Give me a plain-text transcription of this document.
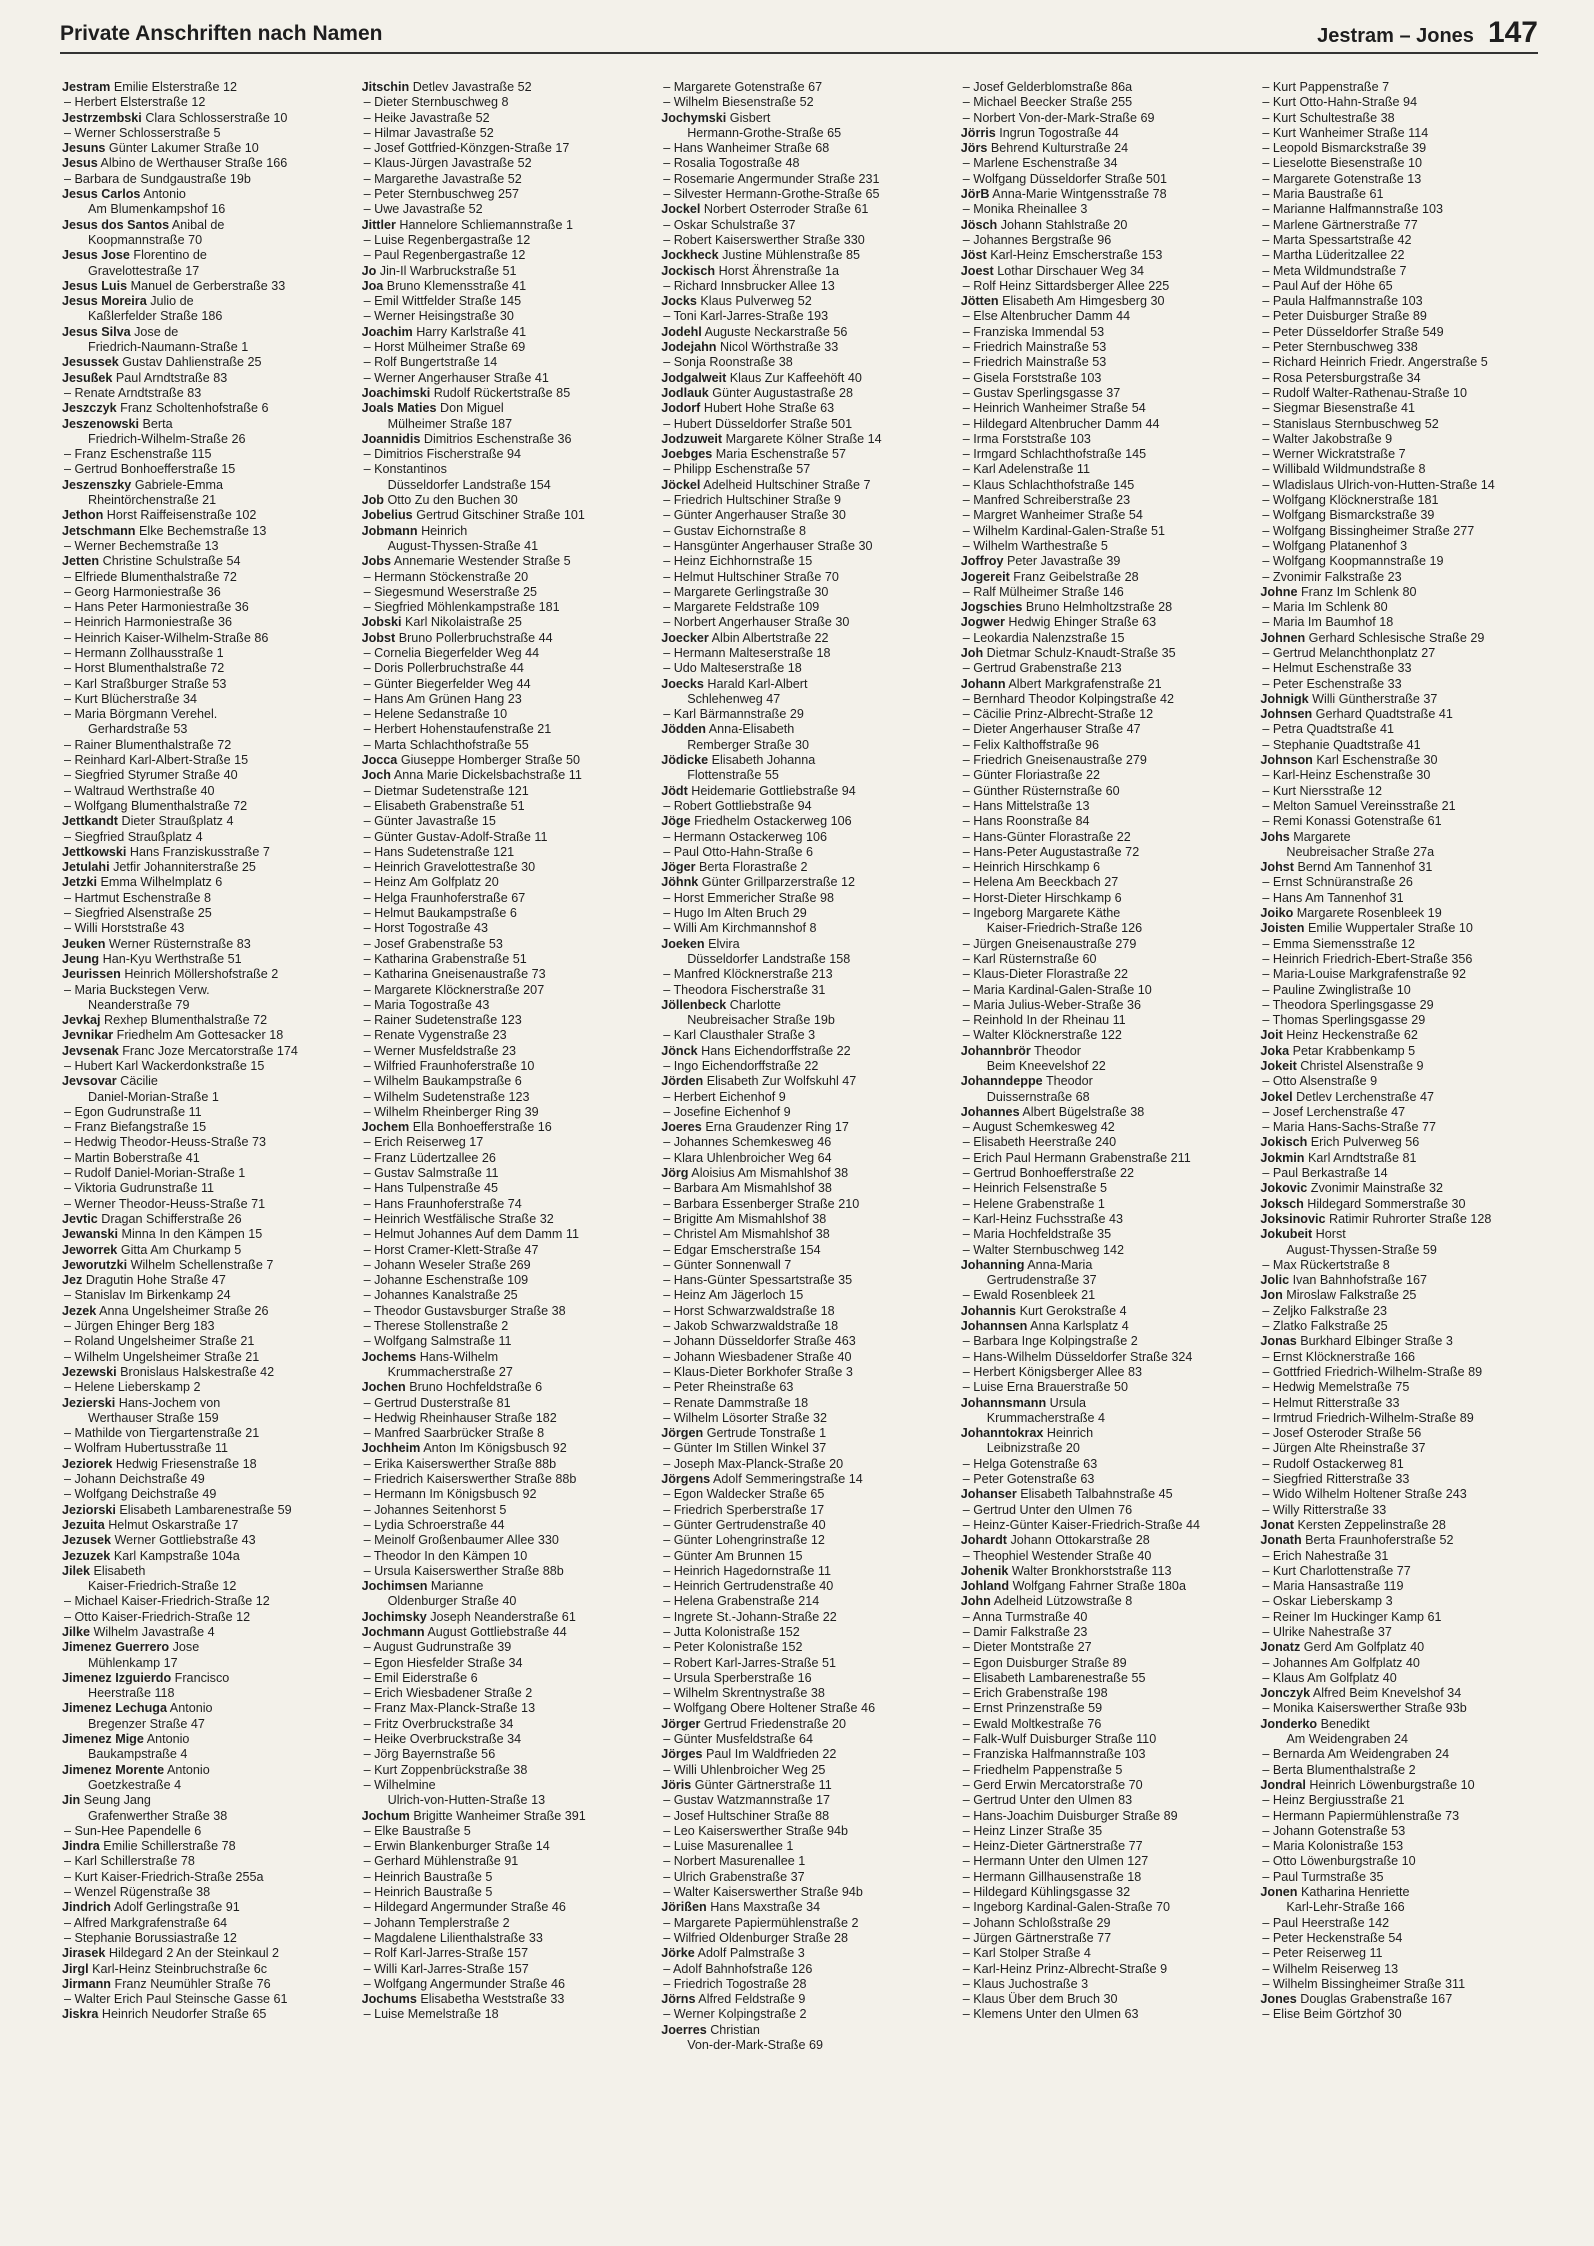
Private Anschriften nach Namen	Jestram – Jones 147
Jestram Emilie Elsterstraße 12
– Herbert Elsterstraße 12
Jestrzembski Clara Schlosserstraße 10
– Werner Schlosserstraße 5
Jesuns Günter Lakumer Straße 10
Jesus Albino de Werthauser Straße 166
– Barbara de Sundgaustraße 19b
Jesus Carlos Antonio
Am Blumenkampshof 16
Jesus dos Santos Anibal de
Koopmannstraße 70
Jesus Jose Florentino de
Gravelottestraße 17
Jesus Luis Manuel de Gerberstraße 33
Jesus Moreira Julio de
Kaßlerfelder Straße 186
Jesus Silva Jose de
Friedrich-Naumann-Straße 1
Jesussek Gustav Dahlienstraße 25
Jesußek Paul Arndtstraße 83
– Renate Arndtstraße 83
Jeszczyk Franz Scholtenhofstraße 6
Jeszenowski Berta
Friedrich-Wilhelm-Straße 26
– Franz Eschenstraße 115
– Gertrud Bonhoefferstraße 15
Jeszenszky Gabriele-Emma
Rheintörchenstraße 21
Jethon Horst Raiffeisenstraße 102
Jetschmann Elke Bechemstraße 13
– Werner Bechemstraße 13
Jetten Christine Schulstraße 54
– Elfriede Blumenthalstraße 72
– Georg Harmoniestraße 36
– Hans Peter Harmoniestraße 36
– Heinrich Harmoniestraße 36
– Heinrich Kaiser-Wilhelm-Straße 86
– Hermann Zollhausstraße 1
– Horst Blumenthalstraße 72
– Karl Straßburger Straße 53
– Kurt Blücherstraße 34
– Maria Börgmann Verehel.
Gerhardstraße 53
– Rainer Blumenthalstraße 72
– Reinhard Karl-Albert-Straße 15
– Siegfried Styrumer Straße 40
– Waltraud Werthstraße 40
– Wolfgang Blumenthalstraße 72
Jettkandt Dieter Straußplatz 4
– Siegfried Straußplatz 4
Jettkowski Hans Franziskusstraße 7
Jetulahi Jetfir Johanniterstraße 25
Jetzki Emma Wilhelmplatz 6
– Hartmut Eschenstraße 8
– Siegfried Alsenstraße 25
– Willi Horststraße 43
Jeuken Werner Rüsternstraße 83
Jeung Han-Kyu Werthstraße 51
Jeurissen Heinrich Möllershofstraße 2
– Maria Buckstegen Verw.
Neanderstraße 79
Jevkaj Rexhep Blumenthalstraße 72
Jevnikar Friedhelm Am Gottesacker 18
Jevsenak Franc Joze Mercatorstraße 174
– Hubert Karl Wackerdonkstraße 15
Jevsovar Cäcilie
Daniel-Morian-Straße 1
– Egon Gudrunstraße 11
– Franz Biefangstraße 15
– Hedwig Theodor-Heuss-Straße 73
– Martin Boberstraße 41
– Rudolf Daniel-Morian-Straße 1
– Viktoria Gudrunstraße 11
– Werner Theodor-Heuss-Straße 71
Jevtic Dragan Schifferstraße 26
Jewanski Minna In den Kämpen 15
Jeworrek Gitta Am Churkamp 5
Jeworutzki Wilhelm Schellenstraße 7
Jez Dragutin Hohe Straße 47
– Stanislav Im Birkenkamp 24
Jezek Anna Ungelsheimer Straße 26
– Jürgen Ehinger Berg 183
– Roland Ungelsheimer Straße 21
– Wilhelm Ungelsheimer Straße 21
Jezewski Bronislaus Halskestraße 42
– Helene Lieberskamp 2
Jezierski Hans-Jochem von
Werthauser Straße 159
– Mathilde von Tiergartenstraße 21
– Wolfram Hubertusstraße 11
Jeziorek Hedwig Friesenstraße 18
– Johann Deichstraße 49
– Wolfgang Deichstraße 49
Jeziorski Elisabeth Lambarenestraße 59
Jezuita Helmut Oskarstraße 17
Jezusek Werner Gottliebstraße 43
Jezuzek Karl Kampstraße 104a
Jilek Elisabeth
Kaiser-Friedrich-Straße 12
– Michael Kaiser-Friedrich-Straße 12
– Otto Kaiser-Friedrich-Straße 12
Jilke Wilhelm Javastraße 4
Jimenez Guerrero Jose
Mühlenkamp 17
Jimenez Izguierdo Francisco
Heerstraße 118
Jimenez Lechuga Antonio
Bregenzer Straße 47
Jimenez Mige Antonio
Baukampstraße 4
Jimenez Morente Antonio
Goetzkestraße 4
Jin Seung Jang
Grafenwerther Straße 38
– Sun-Hee Papendelle 6
Jindra Emilie Schillerstraße 78
– Karl Schillerstraße 78
– Kurt Kaiser-Friedrich-Straße 255a
– Wenzel Rügenstraße 38
Jindrich Adolf Gerlingstraße 91
– Alfred Markgrafenstraße 64
– Stephanie Borussiastraße 12
Jirasek Hildegard 2 An der Steinkaul 2
Jirgl Karl-Heinz Steinbruchstraße 6c
Jirmann Franz Neumühler Straße 76
– Walter Erich Paul Steinsche Gasse 61
Jiskra Heinrich Neudorfer Straße 65
Jitschin Detlev Javastraße 52
– Dieter Sternbuschweg 8
– Heike Javastraße 52
– Hilmar Javastraße 52
– Josef Gottfried-Könzgen-Straße 17
– Klaus-Jürgen Javastraße 52
– Margarethe Javastraße 52
– Peter Sternbuschweg 257
– Uwe Javastraße 52
Jittler Hannelore Schliemannstraße 1
– Luise Regenbergastraße 12
– Paul Regenbergastraße 12
Jo Jin-Il Warbruckstraße 51
Joa Bruno Klemensstraße 41
– Emil Wittfelder Straße 145
– Werner Heisingstraße 30
Joachim Harry Karlstraße 41
– Horst Mülheimer Straße 69
– Rolf Bungertstraße 14
– Werner Angerhauser Straße 41
Joachimski Rudolf Rückertstraße 85
Joals Maties Don Miguel
Mülheimer Straße 187
Joannidis Dimitrios Eschenstraße 36
– Dimitrios Fischerstraße 94
– Konstantinos
Düsseldorfer Landstraße 154
Job Otto Zu den Buchen 30
Jobelius Gertrud Gitschiner Straße 101
Jobmann Heinrich
August-Thyssen-Straße 41
Jobs Annemarie Westender Straße 5
– Hermann Stöckenstraße 20
– Siegesmund Weserstraße 25
– Siegfried Möhlenkampstraße 181
Jobski Karl Nikolaistraße 25
Jobst Bruno Pollerbruchstraße 44
– Cornelia Biegerfelder Weg 44
– Doris Pollerbruchstraße 44
– Günter Biegerfelder Weg 44
– Hans Am Grünen Hang 23
– Helene Sedanstraße 10
– Herbert Hohenstaufenstraße 21
– Marta Schlachthofstraße 55
Jocca Giuseppe Homberger Straße 50
Joch Anna Marie Dickelsbachstraße 11
– Dietmar Sudetenstraße 121
– Elisabeth Grabenstraße 51
– Günter Javastraße 15
– Günter Gustav-Adolf-Straße 11
– Hans Sudetenstraße 121
– Heinrich Gravelottestraße 30
– Heinz Am Golfplatz 20
– Helga Fraunhoferstraße 67
– Helmut Baukampstraße 6
– Horst Togostraße 43
– Josef Grabenstraße 53
– Katharina Grabenstraße 51
– Katharina Gneisenaustraße 73
– Margarete Klöcknerstraße 207
– Maria Togostraße 43
– Rainer Sudetenstraße 123
– Renate Vygenstraße 23
– Werner Musfeldstraße 23
– Wilfried Fraunhoferstraße 10
– Wilhelm Baukampstraße 6
– Wilhelm Sudetenstraße 123
– Wilhelm Rheinberger Ring 39
Jochem Ella Bonhoefferstraße 16
– Erich Reiserweg 17
– Franz Lüdertzallee 26
– Gustav Salmstraße 11
– Hans Tulpenstraße 45
– Hans Fraunhoferstraße 74
– Heinrich Westfälische Straße 32
– Helmut Johannes Auf dem Damm 11
– Horst Cramer-Klett-Straße 47
– Johann Weseler Straße 269
– Johanne Eschenstraße 109
– Johannes Kanalstraße 25
– Theodor Gustavsburger Straße 38
– Therese Stollenstraße 2
– Wolfgang Salmstraße 11
Jochems Hans-Wilhelm
Krummacherstraße 27
Jochen Bruno Hochfeldstraße 6
– Gertrud Dusterstraße 81
– Hedwig Rheinhauser Straße 182
– Manfred Saarbrücker Straße 8
Jochheim Anton Im Königsbusch 92
– Erika Kaiserswerther Straße 88b
– Friedrich Kaiserswerther Straße 88b
– Hermann Im Königsbusch 92
– Johannes Seitenhorst 5
– Lydia Schroerstraße 44
– Meinolf Großenbaumer Allee 330
– Theodor In den Kämpen 10
– Ursula Kaiserswerther Straße 88b
Jochimsen Marianne
Oldenburger Straße 40
Jochimsky Joseph Neanderstraße 61
Jochmann August Gottliebstraße 44
– August Gudrunstraße 39
– Egon Hiesfelder Straße 34
– Emil Eiderstraße 6
– Erich Wiesbadener Straße 2
– Franz Max-Planck-Straße 13
– Fritz Overbruckstraße 34
– Heike Overbruckstraße 34
– Jörg Bayernstraße 56
– Kurt Zoppenbrückstraße 38
– Wilhelmine
Ulrich-von-Hutten-Straße 13
Jochum Brigitte Wanheimer Straße 391
– Elke Baustraße 5
– Erwin Blankenburger Straße 14
– Gerhard Mühlenstraße 91
– Heinrich Baustraße 5
– Heinrich Baustraße 5
– Hildegard Angermunder Straße 46
– Johann Templerstraße 2
– Magdalene Lilienthalstraße 33
– Rolf Karl-Jarres-Straße 157
– Willi Karl-Jarres-Straße 157
– Wolfgang Angermunder Straße 46
Jochums Elisabetha Weststraße 33
– Luise Memelstraße 18
– Margarete Gotenstraße 67
– Wilhelm Biesenstraße 52
Jochymski Gisbert
Hermann-Grothe-Straße 65
– Hans Wanheimer Straße 68
– Rosalia Togostraße 48
– Rosemarie Angermunder Straße 231
– Silvester Hermann-Grothe-Straße 65
Jockel Norbert Osterroder Straße 61
– Oskar Schulstraße 37
– Robert Kaiserswerther Straße 330
Jockheck Justine Mühlenstraße 85
Jockisch Horst Ährenstraße 1a
– Richard Innsbrucker Allee 13
Jocks Klaus Pulverweg 52
– Toni Karl-Jarres-Straße 193
Jodehl Auguste Neckarstraße 56
Jodejahn Nicol Wörthstraße 33
– Sonja Roonstraße 38
Jodgalweit Klaus Zur Kaffeehöft 40
Jodlauk Günter Augustastraße 28
Jodorf Hubert Hohe Straße 63
– Hubert Düsseldorfer Straße 501
Jodzuweit Margarete Kölner Straße 14
Joebges Maria Eschenstraße 57
– Philipp Eschenstraße 57
Jöckel Adelheid Hultschiner Straße 7
– Friedrich Hultschiner Straße 9
– Günter Angerhauser Straße 30
– Gustav Eichornstraße 8
– Hansgünter Angerhauser Straße 30
– Heinz Eichhornstraße 15
– Helmut Hultschiner Straße 70
– Margarete Gerlingstraße 30
– Margarete Feldstraße 109
– Norbert Angerhauser Straße 30
Joecker Albin Albertstraße 22
– Hermann Malteserstraße 18
– Udo Malteserstraße 18
Joecks Harald Karl-Albert
Schlehenweg 47
– Karl Bärmannstraße 29
Jödden Anna-Elisabeth
Remberger Straße 30
Jödicke Elisabeth Johanna
Flottenstraße 55
Jödt Heidemarie Gottliebstraße 94
– Robert Gottliebstraße 94
Jöge Friedhelm Ostackerweg 106
– Hermann Ostackerweg 106
– Paul Otto-Hahn-Straße 6
Jöger Berta Florastraße 2
Jöhnk Günter Grillparzerstraße 12
– Horst Emmericher Straße 98
– Hugo Im Alten Bruch 29
– Willi Am Kirchmannshof 8
Joeken Elvira
Düsseldorfer Landstraße 158
– Manfred Klöcknerstraße 213
– Theodora Fischerstraße 31
Jöllenbeck Charlotte
Neubreisacher Straße 19b
– Karl Clausthaler Straße 3
Jönck Hans Eichendorffstraße 22
– Ingo Eichendorffstraße 22
Jörden Elisabeth Zur Wolfskuhl 47
– Herbert Eichenhof 9
– Josefine Eichenhof 9
Joeres Erna Graudenzer Ring 17
– Johannes Schemkesweg 46
– Klara Uhlenbroicher Weg 64
Jörg Aloisius Am Mismahlshof 38
– Barbara Am Mismahlshof 38
– Barbara Essenberger Straße 210
– Brigitte Am Mismahlshof 38
– Christel Am Mismahlshof 38
– Edgar Emscherstraße 154
– Günter Sonnenwall 7
– Hans-Günter Spessartstraße 35
– Heinz Am Jägerloch 15
– Horst Schwarzwaldstraße 18
– Jakob Schwarzwaldstraße 18
– Johann Düsseldorfer Straße 463
– Johann Wiesbadener Straße 40
– Klaus-Dieter Borkhofer Straße 3
– Peter Rheinstraße 63
– Renate Dammstraße 18
– Wilhelm Lösorter Straße 32
Jörgen Gertrude Tonstraße 1
– Günter Im Stillen Winkel 37
– Joseph Max-Planck-Straße 20
Jörgens Adolf Semmeringstraße 14
– Egon Waldecker Straße 65
– Friedrich Sperberstraße 17
– Günter Gertrudenstraße 40
– Günter Lohengrinstraße 12
– Günter Am Brunnen 15
– Heinrich Hagedornstraße 11
– Heinrich Gertrudenstraße 40
– Helena Grabenstraße 214
– Ingrete St.-Johann-Straße 22
– Jutta Kolonistraße 152
– Peter Kolonistraße 152
– Robert Karl-Jarres-Straße 51
– Ursula Sperberstraße 16
– Wilhelm Skrentnystraße 38
– Wolfgang Obere Holtener Straße 46
Jörger Gertrud Friedenstraße 20
– Günter Musfeldstraße 64
Jörges Paul Im Waldfrieden 22
– Willi Uhlenbroicher Weg 25
Jöris Günter Gärtnerstraße 11
– Gustav Watzmannstraße 17
– Josef Hultschiner Straße 88
– Leo Kaiserswerther Straße 94b
– Luise Masurenallee 1
– Norbert Masurenallee 1
– Ulrich Grabenstraße 37
– Walter Kaiserswerther Straße 94b
Jörißen Hans Maxstraße 34
– Margarete Papiermühlenstraße 2
– Wilfried Oldenburger Straße 28
Jörke Adolf Palmstraße 3
– Adolf Bahnhofstraße 126
– Friedrich Togostraße 28
Jörns Alfred Feldstraße 9
– Werner Kolpingstraße 2
Joerres Christian
Von-der-Mark-Straße 69
– Josef Gelderblomstraße 86a
– Michael Beecker Straße 255
– Norbert Von-der-Mark-Straße 69
Jörris Ingrun Togostraße 44
Jörs Behrend Kulturstraße 24
– Marlene Eschenstraße 34
– Wolfgang Düsseldorfer Straße 501
JörB Anna-Marie Wintgensstraße 78
– Monika Rheinallee 3
Jösch Johann Stahlstraße 20
– Johannes Bergstraße 96
Jöst Karl-Heinz Emscherstraße 153
Joest Lothar Dirschauer Weg 34
– Rolf Heinz Sittardsberger Allee 225
Jötten Elisabeth Am Himgesberg 30
– Else Altenbrucher Damm 44
– Franziska Immendal 53
– Friedrich Mainstraße 53
– Friedrich Mainstraße 53
– Gisela Forststraße 103
– Gustav Sperlingsgasse 37
– Heinrich Wanheimer Straße 54
– Hildegard Altenbrucher Damm 44
– Irma Forststraße 103
– Irmgard Schlachthofstraße 145
– Karl Adelenstraße 11
– Klaus Schlachthofstraße 145
– Manfred Schreiberstraße 23
– Margret Wanheimer Straße 54
– Wilhelm Kardinal-Galen-Straße 51
– Wilhelm Warthestraße 5
Joffroy Peter Javastraße 39
Jogereit Franz Geibelstraße 28
– Ralf Mülheimer Straße 146
Jogschies Bruno Helmholtzstraße 28
Jogwer Hedwig Ehinger Straße 63
– Leokardia Nalenzstraße 15
Joh Dietmar Schulz-Knaudt-Straße 35
– Gertrud Grabenstraße 213
Johann Albert Markgrafenstraße 21
– Bernhard Theodor Kolpingstraße 42
– Cäcilie Prinz-Albrecht-Straße 12
– Dieter Angerhauser Straße 47
– Felix Kalthoffstraße 96
– Friedrich Gneisenaustraße 279
– Günter Floriastraße 22
– Günther Rüsternstraße 60
– Hans Mittelstraße 13
– Hans Roonstraße 84
– Hans-Günter Florastraße 22
– Hans-Peter Augustastraße 72
– Heinrich Hirschkamp 6
– Helena Am Beeckbach 27
– Horst-Dieter Hirschkamp 6
– Ingeborg Margarete Käthe
Kaiser-Friedrich-Straße 126
– Jürgen Gneisenaustraße 279
– Karl Rüsternstraße 60
– Klaus-Dieter Florastraße 22
– Maria Kardinal-Galen-Straße 10
– Maria Julius-Weber-Straße 36
– Reinhold In der Rheinau 11
– Walter Klöcknerstraße 122
Johannbrör Theodor
Beim Kneevelshof 22
Johanndeppe Theodor
Duissernstraße 68
Johannes Albert Bügelstraße 38
– August Schemkesweg 42
– Elisabeth Heerstraße 240
– Erich Paul Hermann Grabenstraße 211
– Gertrud Bonhoefferstraße 22
– Heinrich Felsenstraße 5
– Helene Grabenstraße 1
– Karl-Heinz Fuchsstraße 43
– Maria Hochfeldstraße 35
– Walter Sternbuschweg 142
Johanning Anna-Maria
Gertrudenstraße 37
– Ewald Rosenbleek 21
Johannis Kurt Gerokstraße 4
Johannsen Anna Karlsplatz 4
– Barbara Inge Kolpingstraße 2
– Hans-Wilhelm Düsseldorfer Straße 324
– Herbert Königsberger Allee 83
– Luise Erna Brauerstraße 50
Johannsmann Ursula
Krummacherstraße 4
Johanntokrax Heinrich
Leibnizstraße 20
– Helga Gotenstraße 63
– Peter Gotenstraße 63
Johanser Elisabeth Talbahnstraße 45
– Gertrud Unter den Ulmen 76
– Heinz-Günter Kaiser-Friedrich-Straße 44
Johardt Johann Ottokarstraße 28
– Theophiel Westender Straße 40
Johenik Walter Bronkhorststraße 113
Johland Wolfgang Fahrner Straße 180a
John Adelheid Lützowstraße 8
– Anna Turmstraße 40
– Damir Falkstraße 23
– Dieter Montstraße 27
– Egon Duisburger Straße 89
– Elisabeth Lambarenestraße 55
– Erich Grabenstraße 198
– Ernst Prinzenstraße 59
– Ewald Moltkestraße 76
– Falk-Wulf Duisburger Straße 110
– Franziska Halfmannstraße 103
– Friedhelm Pappenstraße 5
– Gerd Erwin Mercatorstraße 70
– Gertrud Unter den Ulmen 83
– Hans-Joachim Duisburger Straße 89
– Heinz Linzer Straße 35
– Heinz-Dieter Gärtnerstraße 77
– Hermann Unter den Ulmen 127
– Hermann Gillhausenstraße 18
– Hildegard Kühlingsgasse 32
– Ingeborg Kardinal-Galen-Straße 70
– Johann Schloßstraße 29
– Jürgen Gärtnerstraße 77
– Karl Stolper Straße 4
– Karl-Heinz Prinz-Albrecht-Straße 9
– Klaus Juchostraße 3
– Klaus Über dem Bruch 30
– Klemens Unter den Ulmen 63
– Kurt Pappenstraße 7
– Kurt Otto-Hahn-Straße 94
– Kurt Schultestraße 38
– Kurt Wanheimer Straße 114
– Leopold Bismarckstraße 39
– Lieselotte Biesenstraße 10
– Margarete Gotenstraße 13
– Maria Baustraße 61
– Marianne Halfmannstraße 103
– Marlene Gärtnerstraße 77
– Marta Spessartstraße 42
– Martha Lüderitzallee 22
– Meta Wildmundstraße 7
– Paul Auf der Höhe 65
– Paula Halfmannstraße 103
– Peter Duisburger Straße 89
– Peter Düsseldorfer Straße 549
– Peter Sternbuschweg 338
– Richard Heinrich Friedr. Angerstraße 5
– Rosa Petersburgstraße 34
– Rudolf Walter-Rathenau-Straße 10
– Siegmar Biesenstraße 41
– Stanislaus Sternbuschweg 52
– Walter Jakobstraße 9
– Werner Wickratstraße 7
– Willibald Wildmundstraße 8
– Wladislaus Ulrich-von-Hutten-Straße 14
– Wolfgang Klöcknerstraße 181
– Wolfgang Bismarckstraße 39
– Wolfgang Bissingheimer Straße 277
– Wolfgang Platanenhof 3
– Wolfgang Koopmannstraße 19
– Zvonimir Falkstraße 23
Johne Franz Im Schlenk 80
– Maria Im Schlenk 80
– Maria Im Baumhof 18
Johnen Gerhard Schlesische Straße 29
– Gertrud Melanchthonplatz 27
– Helmut Eschenstraße 33
– Peter Eschenstraße 33
Johnigk Willi Güntherstraße 37
Johnsen Gerhard Quadtstraße 41
– Petra Quadtstraße 41
– Stephanie Quadtstraße 41
Johnson Karl Eschenstraße 30
– Karl-Heinz Eschenstraße 30
– Kurt Niersstraße 12
– Melton Samuel Vereinsstraße 21
– Remi Konassi Gotenstraße 61
Johs Margarete
Neubreisacher Straße 27a
Johst Bernd Am Tannenhof 31
– Ernst Schnüranstraße 26
– Hans Am Tannenhof 31
Joiko Margarete Rosenbleek 19
Joisten Emilie Wuppertaler Straße 10
– Emma Siemensstraße 12
– Heinrich Friedrich-Ebert-Straße 356
– Maria-Louise Markgrafenstraße 92
– Pauline Zwinglistraße 10
– Theodora Sperlingsgasse 29
– Thomas Sperlingsgasse 29
Joit Heinz Heckenstraße 62
Joka Petar Krabbenkamp 5
Jokeit Christel Alsenstraße 9
– Otto Alsenstraße 9
Jokel Detlev Lerchenstraße 47
– Josef Lerchenstraße 47
– Maria Hans-Sachs-Straße 77
Jokisch Erich Pulverweg 56
Jokmin Karl Arndtstraße 81
– Paul Berkastraße 14
Jokovic Zvonimir Mainstraße 32
Joksch Hildegard Sommerstraße 30
Joksinovic Ratimir Ruhrorter Straße 128
Jokubeit Horst
August-Thyssen-Straße 59
– Max Rückertstraße 8
Jolic Ivan Bahnhofstraße 167
Jon Miroslaw Falkstraße 25
– Zeljko Falkstraße 23
– Zlatko Falkstraße 25
Jonas Burkhard Elbinger Straße 3
– Ernst Klöcknerstraße 166
– Gottfried Friedrich-Wilhelm-Straße 89
– Hedwig Memelstraße 75
– Helmut Ritterstraße 33
– Irmtrud Friedrich-Wilhelm-Straße 89
– Josef Osteroder Straße 56
– Jürgen Alte Rheinstraße 37
– Rudolf Ostackerweg 81
– Siegfried Ritterstraße 33
– Wido Wilhelm Holtener Straße 243
– Willy Ritterstraße 33
Jonat Kersten Zeppelinstraße 28
Jonath Berta Fraunhoferstraße 52
– Erich Nahestraße 31
– Kurt Charlottenstraße 77
– Maria Hansastraße 119
– Oskar Lieberskamp 3
– Reiner Im Huckinger Kamp 61
– Ulrike Nahestraße 37
Jonatz Gerd Am Golfplatz 40
– Johannes Am Golfplatz 40
– Klaus Am Golfplatz 40
Jonczyk Alfred Beim Knevelshof 34
– Monika Kaiserswerther Straße 93b
Jonderko Benedikt
Am Weidengraben 24
– Bernarda Am Weidengraben 24
– Berta Blumenthalstraße 2
Jondral Heinrich Löwenburgstraße 10
– Heinz Bergiusstraße 21
– Hermann Papiermühlenstraße 73
– Johann Gotenstraße 53
– Maria Kolonistraße 153
– Otto Löwenburgstraße 10
– Paul Turmstraße 35
Jonen Katharina Henriette
Karl-Lehr-Straße 166
– Paul Heerstraße 142
– Peter Heckenstraße 54
– Peter Reiserweg 11
– Wilhelm Reiserweg 13
– Wilhelm Bissingheimer Straße 311
Jones Douglas Grabenstraße 167
– Elise Beim Görtzhof 30
